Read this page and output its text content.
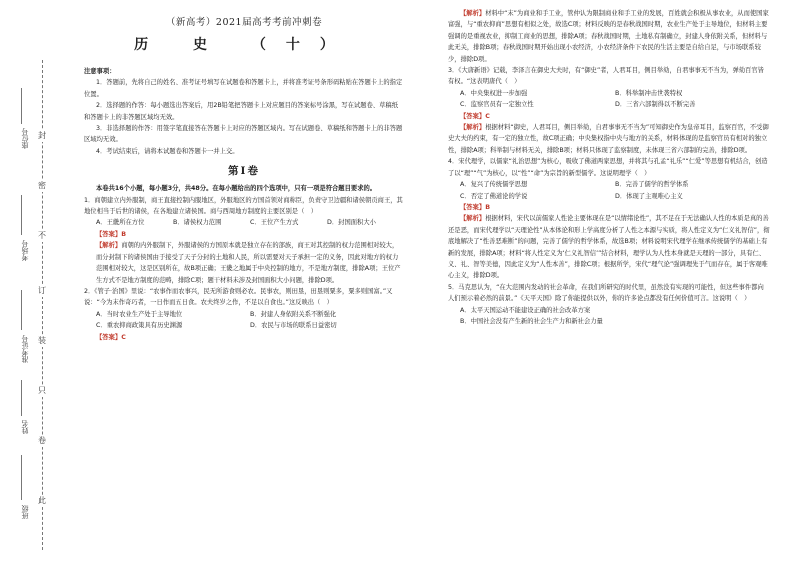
封
密
不
订
装
只
卷
此
座位号
考场号
准考证号
姓名
班级
（新高考）2021届高考考前冲刺卷
历 史 （十）
注意事项：

1．答题前，先将自己的姓名、准考证号填写在试题卷和答题卡上，并将准考证号条形码粘贴在答题卡上的指定位置。

2．选择题的作答：每小题选出答案后，用2B铅笔把答题卡上对应题目的答案标号涂黑，写在试题卷、草稿纸和答题卡上的非答题区域均无效。

3．非选择题的作答：用签字笔直接答在答题卡上对应的答题区域内。写在试题卷、草稿纸和答题卡上的非答题区域均无效。

4．考试结束后，请将本试题卷和答题卡一并上交。

第Ⅰ卷

本卷共16个小题，每小题3分，共48分。在每小题给出的四个选项中，只有一项是符合题目要求的。

1．商朝建立内外服制，商王直接控制内服地区，外服地区的方国首领对商称臣，负责守卫边疆和诸侯朝贡商王，其地位相当于后世的诸侯，在各地建立诸侯国。商与西周地方制度的主要区别是（　）

A．王畿所在方位	B．诸侯权力范围	C．王位产生方式	D．封国面积大小
【答案】B

【解析】商朝的内外服制下，外服诸侯的方国原本就是独立存在的部族，商王对其控制的权力范围相对较大，而分封制下的诸侯国由于接受了天子分封的土地和人民，所以需要对天子承担一定的义务，因此对地方的权力范围相对较大，这是区别所在，故B项正确；王畿之地属于中央控制的地方，不是地方制度，排除A项；王位产生方式不是地方制度的范畴，排除C项；题干材料未涉及封国面积大小问题，排除D项。

2．《管子·治国》里说：“农事作而农事兴，民无所游食则必农。民事农，则田垦，田垦则粟多，粟多则国富。”又说：“今为末作奇巧者，一日作而五日食。农夫终岁之作，不足以自食也。”这反映出（　）

A．当时农业生产处于主导地位	B．封建人身依附关系不断强化
C．重农抑商政策具有历史渊源	D．农民与市场的联系日益密切
【答案】C

【解析】材料中“末”为商业和手工业，管仲认为限制商业和手工业的发展，百姓就会积极从事农业，从而使国家富强，与“重农抑商”思想有相似之处，故选C项；材料反映的是春秋战国时期，农业生产处于主导地位，但材料主要强调的是重视农业，抑制工商业的思想，排除A项；春秋战国时期，土地私有制确立，封建人身依附关系，但材料与此无关，排除B项；春秋战国时期开始出现小农经济，小农经济条件下农民的生活主要是自给自足，与市场联系较少，排除D项。

3．《大唐新语》记载，李泽言在御史大夫时，有“御史”者，人君耳目，侧目举劾，自君事事无不当为，弹劾百官皆有权。“这表明唐代（　）

A．中央集权进一步加强	B．科举制冲击世袭特权
C．监察官员有一定独立性	D．三省六部制得以不断完善
【答案】C

【解析】根据材料“御史，人君耳目，侧目举劾，自君事事无不当为”可知御史作为皇帝耳目，监察百官，不受御史大夫的约束，有一定的独立性，故C项正确；中央集权指中央与地方的关系，材料体现的是监察官员有相对的独立性，排除A项；科举制与材料无关，排除B项；材料只体现了监察制度，未体现三省六部制的完善，排除D项。

4．宋代理学，以儒家“礼治思想”为核心，吸收了佛道两家思想，并将其与孔孟“礼乐”“仁爱”等思想有机结合，创造了以“理”“气”为核心，以“性”“命”为宗旨的新型儒学。这说明理学（　）

A．复兴了传统儒学思想	B．完善了儒学的哲学体系
C．否定了佛道论的学说	D．体现了主观唯心主义
【答案】B

【解析】根据材料，宋代以前儒家人性论主要体现在是“以情绪论性”，其不足在于无法确认人性的本质是真的善还是恶，而宋代理学以“天理论性”从本体论和形上学高度分析了人性之本源与实质，将人性定义为“仁义礼智信”，彻底地解决了“性善恶难断”的问题，完善了儒学的哲学体系，故选B项；材料说明宋代理学在继承传统儒学的基础上有新的发展，排除A项；材料“将人性定义为‘仁义礼智信’”结合材料，理学认为人性本身就是天理的一部分，具有仁、义、礼、智等美德，因此定义为“人性本善”，排除C项；根据所学，宋代“理气论”强调理先于气而存在，属于客观唯心主义，排除D项。

5．马克思认为，“在大范围内发动的社会革命，在我们所研究的时代里，虽然没有实现的可能性，但这些事件都向人们预示着必然的前景。”《天平天国》除了你能提供以外，你的许多论点都没有任何价值可言。这说明（　）

A．太平天国运动不能建设正确的社会改革方案
B．中国社会没有产生新的社会生产力和新社会力量
